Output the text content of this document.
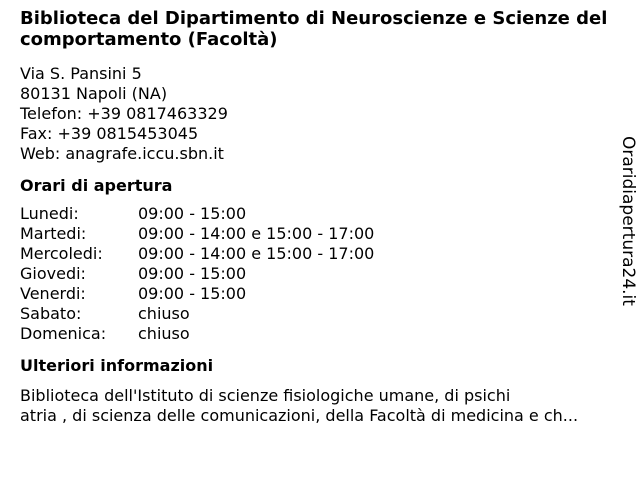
Biblioteca del Dipartimento di Neuroscienze e Scienze del comportamento (Facoltà)
Via S. Pansini 5
80131 Napoli (NA)
Telefon: +39 0817463329
Fax: +39 0815453045
Web: anagrafe.iccu.sbn.it
Orari di apertura
Lunedi:	09:00 - 15:00
Martedi:	09:00 - 14:00 e 15:00 - 17:00
Mercoledi:	09:00 - 14:00 e 15:00 - 17:00
Giovedi:	09:00 - 15:00
Venerdi:	09:00 - 15:00
Sabato:	chiuso
Domenica:	chiuso
Ulteriori informazioni
Biblioteca dell'Istituto di scienze fisiologiche umane, di psichi
atria , di scienza delle comunicazioni, della Facoltà di medicina e ch...
Oraridiapertura24.it
